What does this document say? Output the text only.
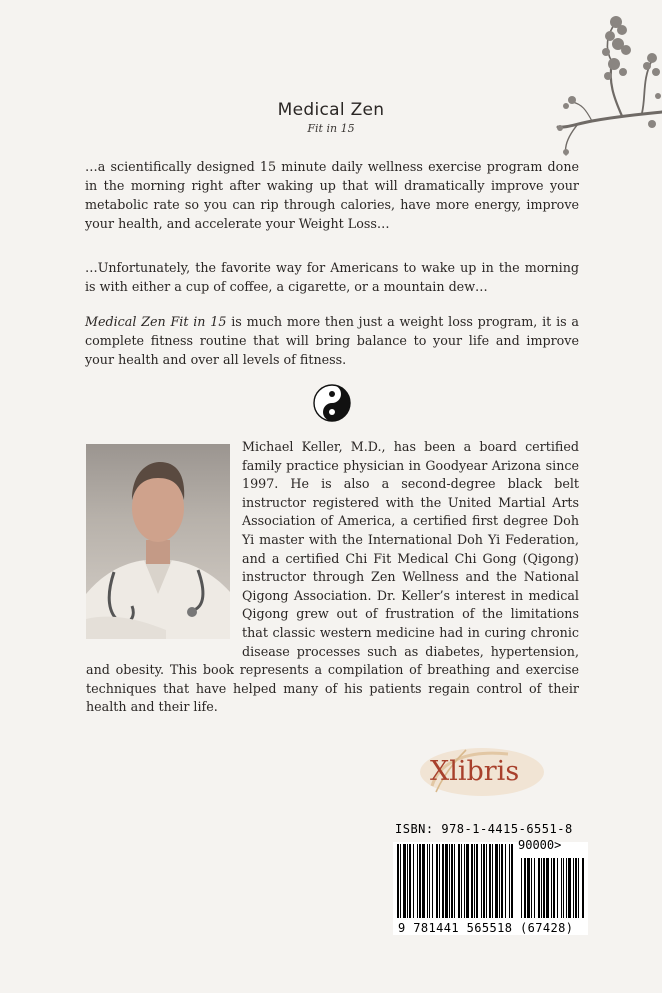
Medical Zen
Fit in 15

…a scientifically designed 15 minute daily wellness exercise program done in the morning right after waking up that will dramatically improve your metabolic rate so you can rip through calories, have more energy, improve your health, and accelerate your Weight Loss…

…Unfortunately, the favorite way for Americans to wake up in the morning is with either a cup of coffee, a cigarette, or a mountain dew…

Medical Zen Fit in 15 is much more then just a weight loss program, it is a complete fitness routine that will bring balance to your life and improve your health and over all levels of fitness.

Michael Keller, M.D., has been a board certified family practice physician in Goodyear Arizona since 1997. He is also a second-degree black belt instructor registered with the United Martial Arts Association of America, a certified first degree Doh Yi master with the International Doh Yi Federation, and a certified Chi Fit Medical Chi Gong (Qigong) instructor through Zen Wellness and the National Qigong Association. Dr. Keller’s interest in medical Qigong grew out of frustration of the limitations that classic western medicine had in curing chronic disease processes such as diabetes, hypertension, and obesity. This book represents a compilation of breathing and exercise techniques that have helped many of his patients regain control of their health and their life.

Xlibris
ISBN: 978-1-4415-6551-8
90000>
9 781441 565518 (67428)
